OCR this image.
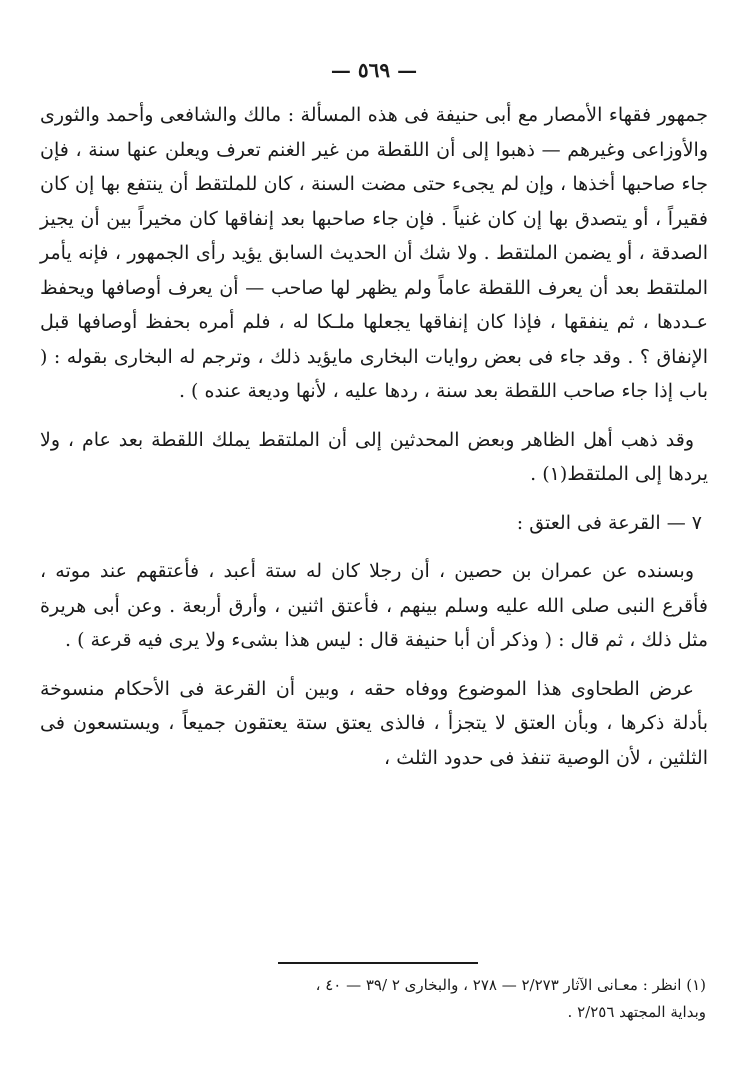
— ٥٦٩ —

جمهور فقهاء الأمصار مع أبى حنيفة فى هذه المسألة : مالك والشافعى وأحمد والثورى والأوزاعى وغيرهم — ذهبوا إلى أن اللقطة من غير الغنم تعرف ويعلن عنها سنة ، فإن جاء صاحبها أخذها ، وإن لم يجىء حتى مضت السنة ، كان للملتقط أن ينتفع بها إن كان فقيراً ، أو يتصدق بها إن كان غنياً . فإن جاء صاحبها بعد إنفاقها كان مخيراً بين أن يجيز الصدقة ، أو يضمن الملتقط . ولا شك أن الحديث السابق يؤيد رأى الجمهور ، فإنه يأمر الملتقط بعد أن يعرف اللقطة عاماً ولم يظهر لها صاحب — أن يعرف أوصافها ويحفظ عـددها ، ثم ينفقها ، فإذا كان إنفاقها يجعلها ملـكا له ، فلم أمره بحفظ أوصافها قبل الإنفاق ؟ . وقد جاء فى بعض روايات البخارى مايؤيد ذلك ، وترجم له البخارى بقوله : ( باب إذا جاء صاحب اللقطة بعد سنة ، ردها عليه ، لأنها وديعة عنده ) .

وقد ذهب أهل الظاهر وبعض المحدثين إلى أن الملتقط يملك اللقطة بعد عام ، ولا يردها إلى الملتقط(١) .

٧ — القرعة فى العتق :

وبسنده عن عمران بن حصين ، أن رجلا كان له ستة أعبد ، فأعتقهم عند موته ، فأقرع النبى صلى الله عليه وسلم بينهم ، فأعتق اثنين ، وأرق أربعة . وعن أبى هريرة مثل ذلك ، ثم قال : ( وذكر أن أبا حنيفة قال : ليس هذا بشىء ولا يرى فيه قرعة ) .

عرض الطحاوى هذا الموضوع ووفاه حقه ، وبين أن القرعة فى الأحكام منسوخة بأدلة ذكرها ، وبأن العتق لا يتجزأ ، فالذى يعتق ستة يعتقون جميعاً ، ويستسعون فى الثلثين ، لأن الوصية تنفذ فى حدود الثلث ،

(١) انظر : معـانى الآثار ٢/٢٧٣ — ٢٧٨ ، والبخارى ٢ /٣٩ — ٤٠ ،

وبداية المجتهد ٢/٢٥٦ .
